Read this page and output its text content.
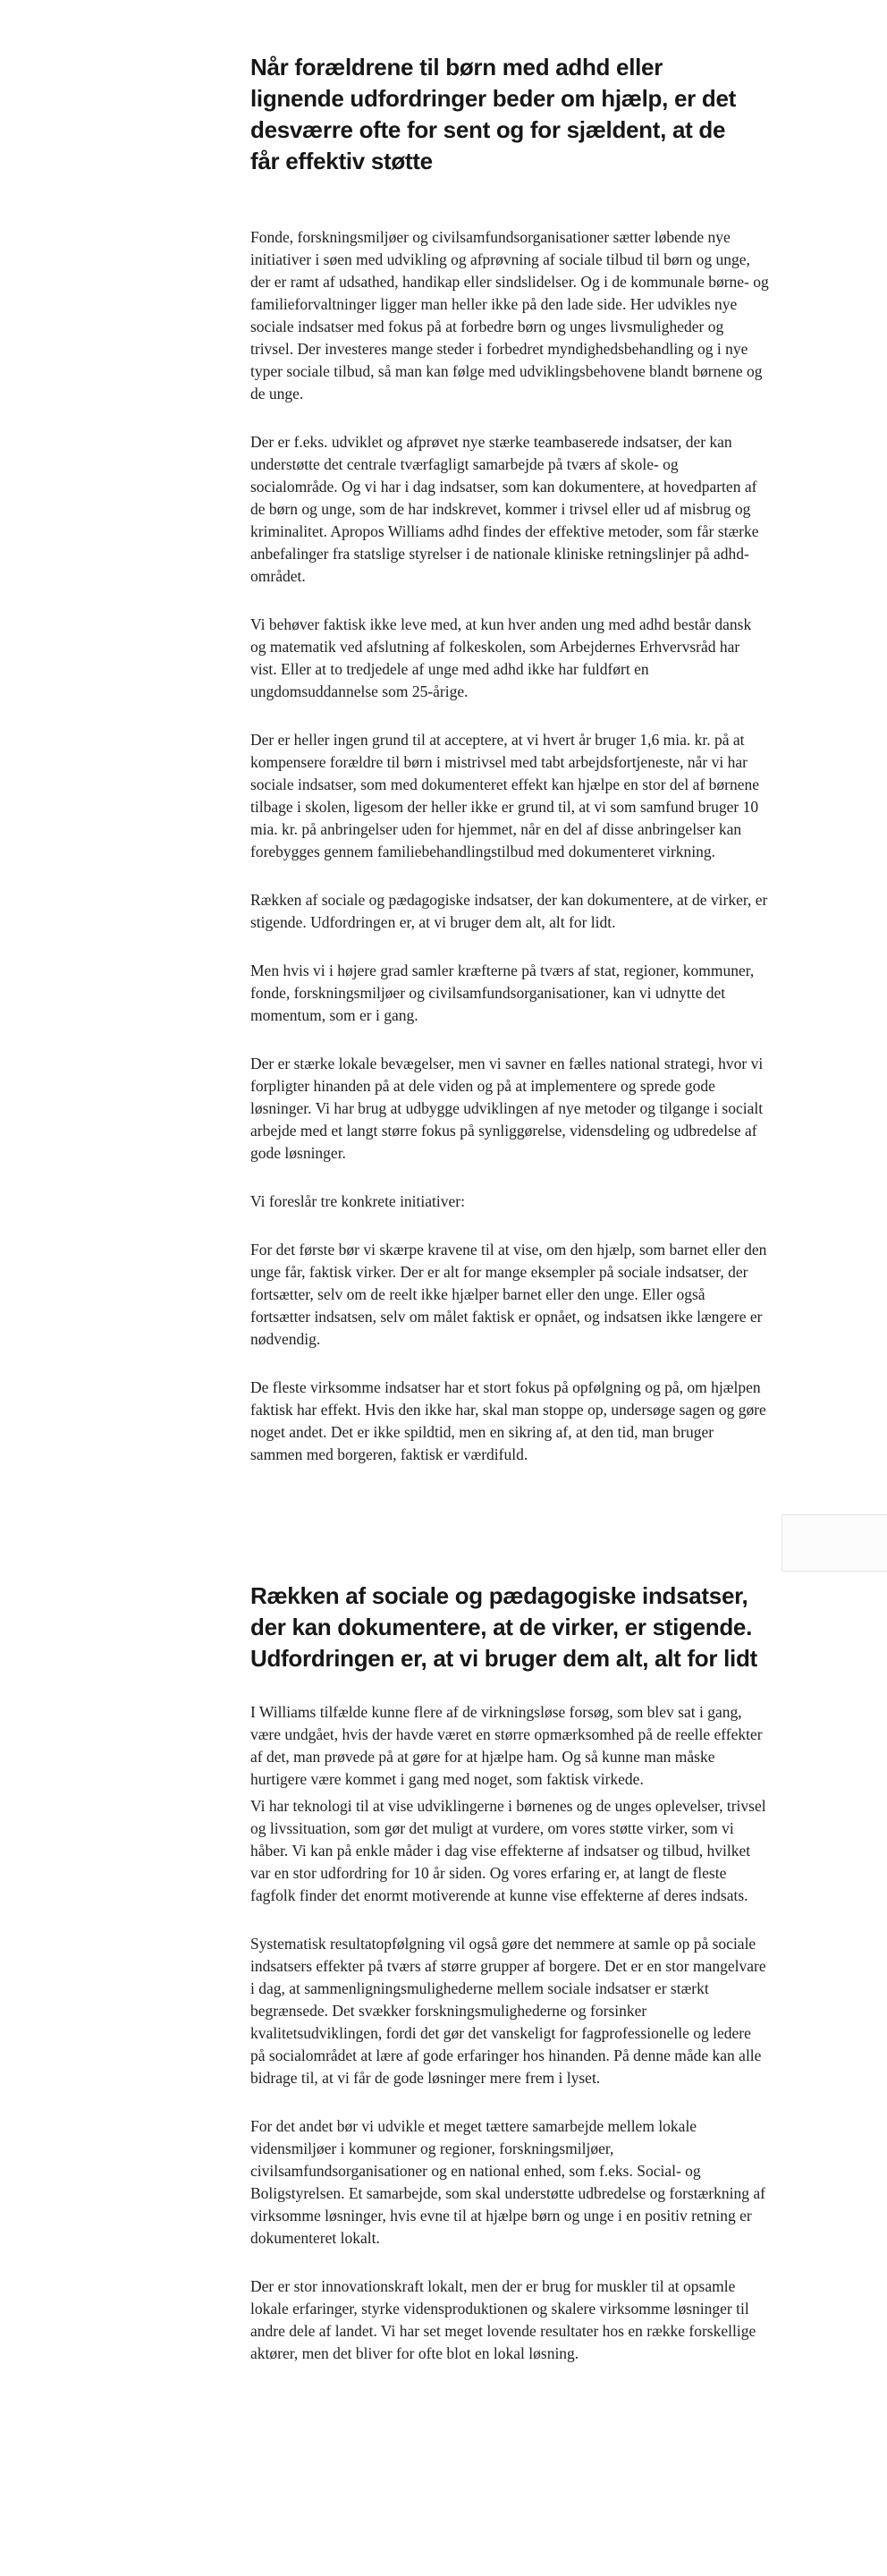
Når forældrene til børn med adhd eller lignende udfordringer beder om hjælp, er det desværre ofte for sent og for sjældent, at de får effektiv støtte

Fonde, forskningsmiljøer og civilsamfundsorganisationer sætter løbende nye initiativer i søen med udvikling og afprøvning af sociale tilbud til børn og unge, der er ramt af udsathed, handikap eller sindslidelser. Og i de kommunale børne- og familieforvaltninger ligger man heller ikke på den lade side. Her udvikles nye sociale indsatser med fokus på at forbedre børn og unges livsmuligheder og trivsel. Der investeres mange steder i forbedret myndighedsbehandling og i nye typer sociale tilbud, så man kan følge med udviklingsbehovene blandt børnene og de unge.

Der er f.eks. udviklet og afprøvet nye stærke teambaserede indsatser, der kan understøtte det centrale tværfagligt samarbejde på tværs af skole- og socialområde. Og vi har i dag indsatser, som kan dokumentere, at hovedparten af de børn og unge, som de har indskrevet, kommer i trivsel eller ud af misbrug og kriminalitet. Apropos Williams adhd findes der effektive metoder, som får stærke anbefalinger fra statslige styrelser i de nationale kliniske retningslinjer på adhd-området.

Vi behøver faktisk ikke leve med, at kun hver anden ung med adhd består dansk og matematik ved afslutning af folkeskolen, som Arbejdernes Erhvervsråd har vist. Eller at to tredjedele af unge med adhd ikke har fuldført en ungdomsuddannelse som 25-årige.

Der er heller ingen grund til at acceptere, at vi hvert år bruger 1,6 mia. kr. på at kompensere forældre til børn i mistrivsel med tabt arbejdsfortjeneste, når vi har sociale indsatser, som med dokumenteret effekt kan hjælpe en stor del af børnene tilbage i skolen, ligesom der heller ikke er grund til, at vi som samfund bruger 10 mia. kr. på anbringelser uden for hjemmet, når en del af disse anbringelser kan forebygges gennem familiebehandlingstilbud med dokumenteret virkning.

Rækken af sociale og pædagogiske indsatser, der kan dokumentere, at de virker, er stigende. Udfordringen er, at vi bruger dem alt, alt for lidt.

Men hvis vi i højere grad samler kræfterne på tværs af stat, regioner, kommuner, fonde, forskningsmiljøer og civilsamfundsorganisationer, kan vi udnytte det momentum, som er i gang.

Der er stærke lokale bevægelser, men vi savner en fælles national strategi, hvor vi forpligter hinanden på at dele viden og på at implementere og sprede gode løsninger. Vi har brug at udbygge udviklingen af nye metoder og tilgange i socialt arbejde med et langt større fokus på synliggørelse, vidensdeling og udbredelse af gode løsninger.

Vi foreslår tre konkrete initiativer:

For det første bør vi skærpe kravene til at vise, om den hjælp, som barnet eller den unge får, faktisk virker. Der er alt for mange eksempler på sociale indsatser, der fortsætter, selv om de reelt ikke hjælper barnet eller den unge. Eller også fortsætter indsatsen, selv om målet faktisk er opnået, og indsatsen ikke længere er nødvendig.

De fleste virksomme indsatser har et stort fokus på opfølgning og på, om hjælpen faktisk har effekt. Hvis den ikke har, skal man stoppe op, undersøge sagen og gøre noget andet. Det er ikke spildtid, men en sikring af, at den tid, man bruger sammen med borgeren, faktisk er værdifuld.

Rækken af sociale og pædagogiske indsatser, der kan dokumentere, at de virker, er stigende. Udfordringen er, at vi bruger dem alt, alt for lidt

I Williams tilfælde kunne flere af de virkningsløse forsøg, som blev sat i gang, være undgået, hvis der havde været en større opmærksomhed på de reelle effekter af det, man prøvede på at gøre for at hjælpe ham. Og så kunne man måske hurtigere være kommet i gang med noget, som faktisk virkede.

Vi har teknologi til at vise udviklingerne i børnenes og de unges oplevelser, trivsel og livssituation, som gør det muligt at vurdere, om vores støtte virker, som vi håber. Vi kan på enkle måder i dag vise effekterne af indsatser og tilbud, hvilket var en stor udfordring for 10 år siden. Og vores erfaring er, at langt de fleste fagfolk finder det enormt motiverende at kunne vise effekterne af deres indsats.

Systematisk resultatopfølgning vil også gøre det nemmere at samle op på sociale indsatsers effekter på tværs af større grupper af borgere. Det er en stor mangelvare i dag, at sammenligningsmulighederne mellem sociale indsatser er stærkt begrænsede. Det svækker forskningsmulighederne og forsinker kvalitetsudviklingen, fordi det gør det vanskeligt for fagprofessionelle og ledere på socialområdet at lære af gode erfaringer hos hinanden. På denne måde kan alle bidrage til, at vi får de gode løsninger mere frem i lyset.

For det andet bør vi udvikle et meget tættere samarbejde mellem lokale vidensmiljøer i kommuner og regioner, forskningsmiljøer, civilsamfundsorganisationer og en national enhed, som f.eks. Social- og Boligstyrelsen. Et samarbejde, som skal understøtte udbredelse og forstærkning af virksomme løsninger, hvis evne til at hjælpe børn og unge i en positiv retning er dokumenteret lokalt.

Der er stor innovationskraft lokalt, men der er brug for muskler til at opsamle lokale erfaringer, styrke vidensproduktionen og skalere virksomme løsninger til andre dele af landet. Vi har set meget lovende resultater hos en række forskellige aktører, men det bliver for ofte blot en lokal løsning.
